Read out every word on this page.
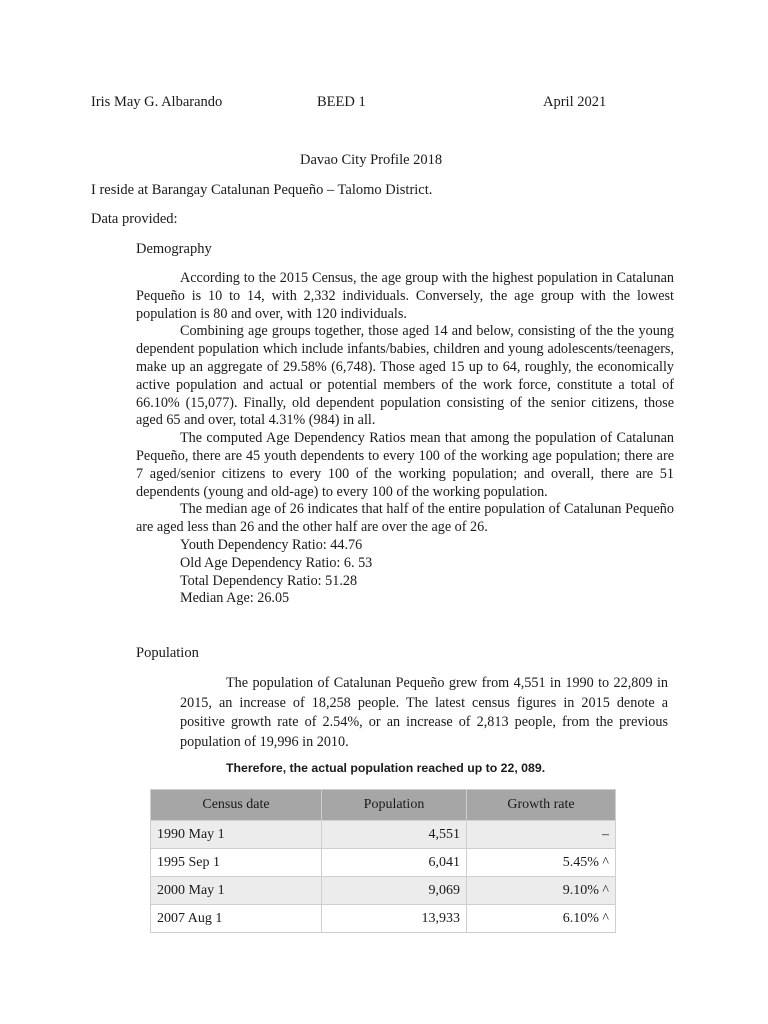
Iris May G. Albarando	BEED 1	April 2021
Davao City Profile 2018
I reside at Barangay Catalunan Pequeño – Talomo District.
Data provided:
Demography

According to the 2015 Census, the age group with the highest population in Catalunan Pequeño is 10 to 14, with 2,332 individuals. Conversely, the age group with the lowest population is 80 and over, with 120 individuals.

Combining age groups together, those aged 14 and below, consisting of the the young dependent population which include infants/babies, children and young adolescents/teenagers, make up an aggregate of 29.58% (6,748). Those aged 15 up to 64, roughly, the economically active population and actual or potential members of the work force, constitute a total of 66.10% (15,077). Finally, old dependent population consisting of the senior citizens, those aged 65 and over, total 4.31% (984) in all.

The computed Age Dependency Ratios mean that among the population of Catalunan Pequeño, there are 45 youth dependents to every 100 of the working age population; there are 7 aged/senior citizens to every 100 of the working population; and overall, there are 51 dependents (young and old-age) to every 100 of the working population.

The median age of 26 indicates that half of the entire population of Catalunan Pequeño are aged less than 26 and the other half are over the age of 26.

Youth Dependency Ratio: 44.76

Old Age Dependency Ratio: 6. 53

Total Dependency Ratio: 51.28

Median Age: 26.05

Population

The population of Catalunan Pequeño grew from 4,551 in 1990 to 22,809 in 2015, an increase of 18,258 people. The latest census figures in 2015 denote a positive growth rate of 2.54%, or an increase of 2,813 people, from the previous population of 19,996 in 2010.

Therefore, the actual population reached up to 22, 089.
Census date	Population	Growth rate
1990 May 1	4,551	–
1995 Sep 1	6,041	5.45% ^
2000 May 1	9,069	9.10% ^
2007 Aug 1	13,933	6.10% ^
